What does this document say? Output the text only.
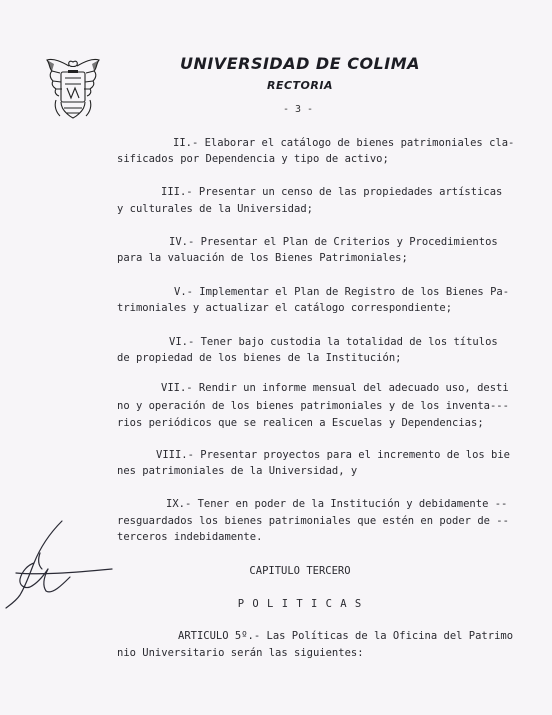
UNIVERSIDAD DE COLIMA
RECTORIA
- 3 -
II.- Elaborar el catálogo de bienes patrimoniales cla-
sificados por Dependencia y tipo de activo;
III.- Presentar un censo de las propiedades artísticas
y culturales de la Universidad;
IV.- Presentar el Plan de Criterios y Procedimientos
para la valuación de los Bienes Patrimoniales;
V.- Implementar el Plan de Registro de los Bienes Pa-
trimoniales y actualizar el catálogo correspondiente;
VI.- Tener bajo custodia la totalidad de los títulos
de propiedad de los bienes de la Institución;
VII.- Rendir un informe mensual del adecuado uso, desti
no y operación de los bienes patrimoniales y de los inventa---
rios periódicos que se realicen a Escuelas y Dependencias;
VIII.- Presentar proyectos para el incremento de los bie
nes patrimoniales de la Universidad, y
IX.- Tener en poder de la Institución y debidamente --
resguardados los bienes patrimoniales que estén en poder de --
terceros indebidamente.
CAPITULO TERCERO
P O L I T I C A S
ARTICULO 5º.- Las Políticas de la Oficina del Patrimo
nio Universitario serán las siguientes:
